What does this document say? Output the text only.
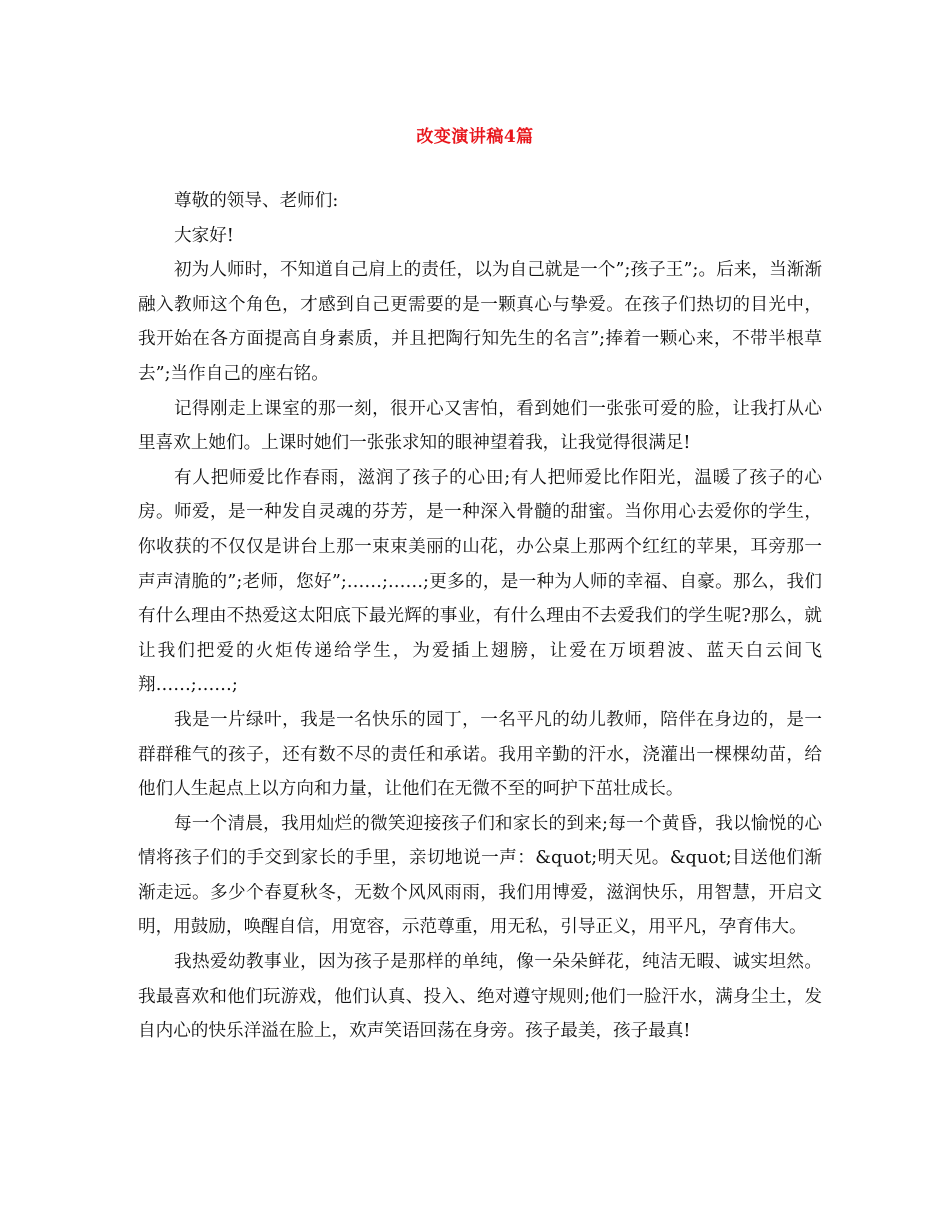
改变演讲稿4篇

尊敬的领导、老师们:

大家好!

初为人师时，不知道自己肩上的责任，以为自己就是一个”;孩子王”;。后来，当渐渐融入教师这个角色，才感到自己更需要的是一颗真心与挚爱。在孩子们热切的目光中，我开始在各方面提高自身素质，并且把陶行知先生的名言”;捧着一颗心来，不带半根草去”;当作自己的座右铭。

记得刚走上课室的那一刻，很开心又害怕，看到她们一张张可爱的脸，让我打从心里喜欢上她们。上课时她们一张张求知的眼神望着我，让我觉得很满足!

有人把师爱比作春雨，滋润了孩子的心田;有人把师爱比作阳光，温暖了孩子的心房。师爱，是一种发自灵魂的芬芳，是一种深入骨髓的甜蜜。当你用心去爱你的学生，你收获的不仅仅是讲台上那一束束美丽的山花，办公桌上那两个红红的苹果，耳旁那一声声清脆的”;老师，您好”;……;……;更多的，是一种为人师的幸福、自豪。那么，我们有什么理由不热爱这太阳底下最光辉的事业，有什么理由不去爱我们的学生呢?那么，就让我们把爱的火炬传递给学生，为爱插上翅膀，让爱在万顷碧波、蓝天白云间飞翔……;……;

我是一片绿叶，我是一名快乐的园丁，一名平凡的幼儿教师，陪伴在身边的，是一群群稚气的孩子，还有数不尽的责任和承诺。我用辛勤的汗水，浇灌出一棵棵幼苗，给他们人生起点上以方向和力量，让他们在无微不至的呵护下茁壮成长。

每一个清晨，我用灿烂的微笑迎接孩子们和家长的到来;每一个黄昏，我以愉悦的心情将孩子们的手交到家长的手里，亲切地说一声：&quot;明天见。&quot;目送他们渐渐走远。多少个春夏秋冬，无数个风风雨雨，我们用博爱，滋润快乐，用智慧，开启文明，用鼓励，唤醒自信，用宽容，示范尊重，用无私，引导正义，用平凡，孕育伟大。

我热爱幼教事业，因为孩子是那样的单纯，像一朵朵鲜花，纯洁无暇、诚实坦然。我最喜欢和他们玩游戏，他们认真、投入、绝对遵守规则;他们一脸汗水，满身尘土，发自内心的快乐洋溢在脸上，欢声笑语回荡在身旁。孩子最美，孩子最真!
